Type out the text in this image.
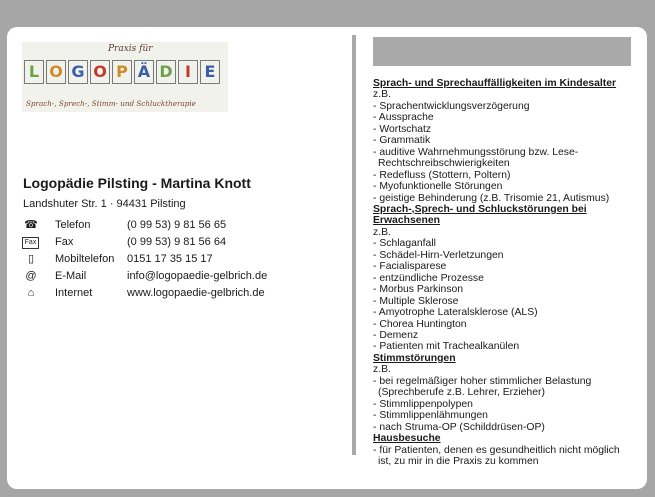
Praxis für
L O G O P Ä D I E
Sprach-, Sprech-, Stimm- und Schlucktherapie
Logopädie Pilsting - Martina Knott
Landshuter Str. 1 · 94431 Pilsting
☎ Telefon	(0 99 53) 9 81 56 65
Fax Fax	(0 99 53) 9 81 56 64
▯	Mobiltelefon 0151 17 35 15 17
@	E-Mail	info@logopaedie-gelbrich.de
⌂	Internet	www.logopaedie-gelbrich.de
Sprach- und Sprechauffälligkeiten im Kindesalter
z.B.
- Sprachentwicklungsverzögerung
- Aussprache
- Wortschatz
- Grammatik
- auditive Wahrnehmungsstörung bzw. Lese-
Rechtschreibschwierigkeiten
- Redefluss (Stottern, Poltern)
- Myofunktionelle Störungen
- geistige Behinderung (z.B. Trisomie 21, Autismus)
Sprach-,Sprech- und Schluckstörungen bei Erwachsenen
z.B.
- Schlaganfall
- Schädel-Hirn-Verletzungen
- Facialisparese
- entzündliche Prozesse
- Morbus Parkinson
- Multiple Sklerose
- Amyotrophe Lateralsklerose (ALS)
- Chorea Huntington
- Demenz
- Patienten mit Trachealkanülen
Stimmstörungen
z.B.
- bei regelmäßiger hoher stimmlicher Belastung
(Sprechberufe z.B. Lehrer, Erzieher)
- Stimmlippenpolypen
- Stimmlippenlähmungen
- nach Struma-OP (Schilddrüsen-OP)
Hausbesuche
- für Patienten, denen es gesundheitlich nicht möglich
ist, zu mir in die Praxis zu kommen
